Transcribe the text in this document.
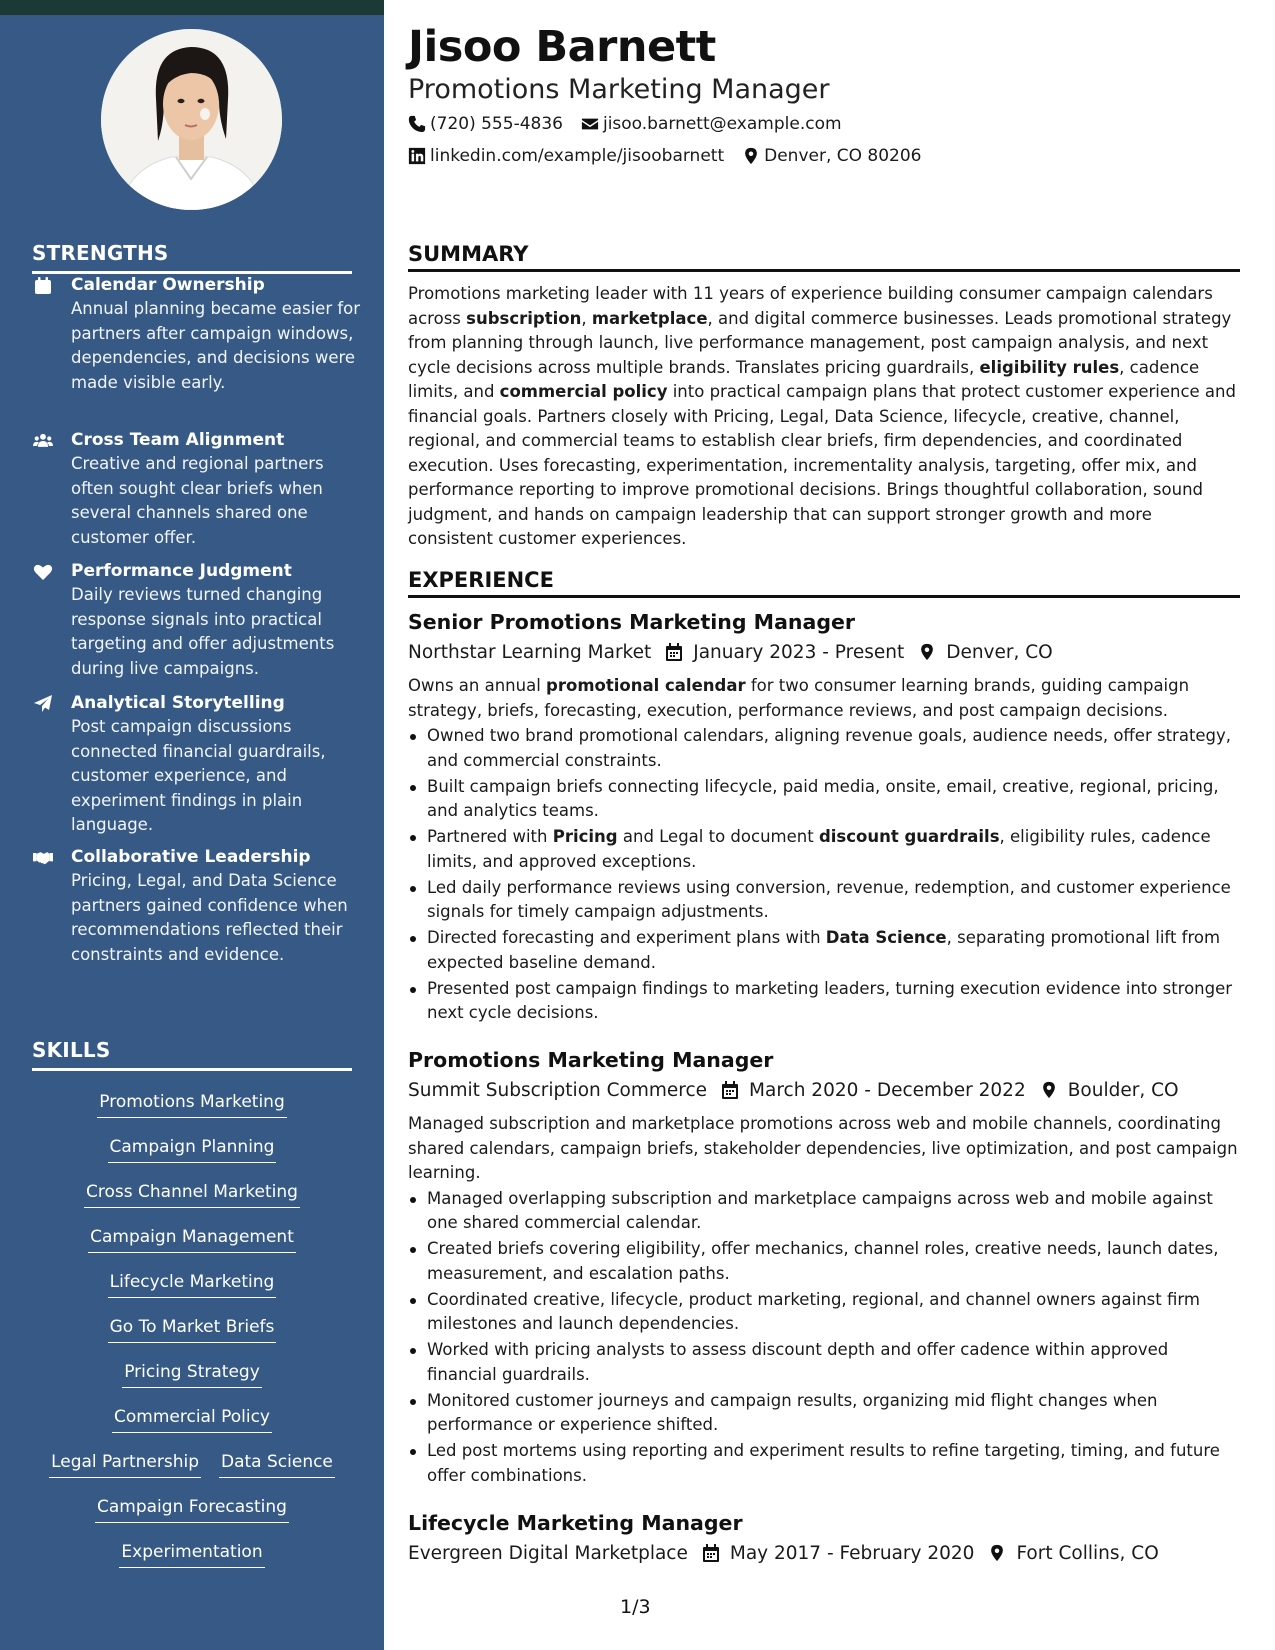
STRENGTHS
Calendar Ownership
Annual planning became easier for partners after campaign windows, dependencies, and decisions were made visible early.
Cross Team Alignment
Creative and regional partners often sought clear briefs when several channels shared one customer offer.
Performance Judgment
Daily reviews turned changing response signals into practical targeting and offer adjustments during live campaigns.
Analytical Storytelling
Post campaign discussions connected financial guardrails, customer experience, and experiment findings in plain language.
Collaborative Leadership
Pricing, Legal, and Data Science partners gained confidence when recommendations reflected their constraints and evidence.
SKILLS
Promotions Marketing
Campaign Planning
Cross Channel Marketing
Campaign Management
Lifecycle Marketing
Go To Market Briefs
Pricing Strategy
Commercial Policy
Legal Partnership Data Science
Campaign Forecasting
Experimentation
Jisoo Barnett
Promotions Marketing Manager
(720) 555-4836 jisoo.barnett@example.com
linkedin.com/example/jisoobarnett Denver, CO 80206
SUMMARY

Promotions marketing leader with 11 years of experience building consumer campaign calendars across subscription, marketplace, and digital commerce businesses. Leads promotional strategy from planning through launch, live performance management, post campaign analysis, and next cycle decisions across multiple brands. Translates pricing guardrails, eligibility rules, cadence limits, and commercial policy into practical campaign plans that protect customer experience and financial goals. Partners closely with Pricing, Legal, Data Science, lifecycle, creative, channel, regional, and commercial teams to establish clear briefs, firm dependencies, and coordinated execution. Uses forecasting, experimentation, incrementality analysis, targeting, offer mix, and performance reporting to improve promotional decisions. Brings thoughtful collaboration, sound judgment, and hands on campaign leadership that can support stronger growth and more consistent customer experiences.

EXPERIENCE
Senior Promotions Marketing Manager
Northstar Learning Market January 2023 - Present Denver, CO

Owns an annual promotional calendar for two consumer learning brands, guiding campaign strategy, briefs, forecasting, execution, performance reviews, and post campaign decisions.

Owned two brand promotional calendars, aligning revenue goals, audience needs, offer strategy, and commercial constraints.
Built campaign briefs connecting lifecycle, paid media, onsite, email, creative, regional, pricing, and analytics teams.
Partnered with Pricing and Legal to document discount guardrails, eligibility rules, cadence limits, and approved exceptions.
Led daily performance reviews using conversion, revenue, redemption, and customer experience signals for timely campaign adjustments.
Directed forecasting and experiment plans with Data Science, separating promotional lift from expected baseline demand.
Presented post campaign findings to marketing leaders, turning execution evidence into stronger next cycle decisions.
Promotions Marketing Manager
Summit Subscription Commerce March 2020 - December 2022 Boulder, CO

Managed subscription and marketplace promotions across web and mobile channels, coordinating shared calendars, campaign briefs, stakeholder dependencies, live optimization, and post campaign learning.

Managed overlapping subscription and marketplace campaigns across web and mobile against one shared commercial calendar.
Created briefs covering eligibility, offer mechanics, channel roles, creative needs, launch dates, measurement, and escalation paths.
Coordinated creative, lifecycle, product marketing, regional, and channel owners against firm milestones and launch dependencies.
Worked with pricing analysts to assess discount depth and offer cadence within approved financial guardrails.
Monitored customer journeys and campaign results, organizing mid flight changes when performance or experience shifted.
Led post mortems using reporting and experiment results to refine targeting, timing, and future offer combinations.
Lifecycle Marketing Manager
Evergreen Digital Marketplace May 2017 - February 2020 Fort Collins, CO
1/3
